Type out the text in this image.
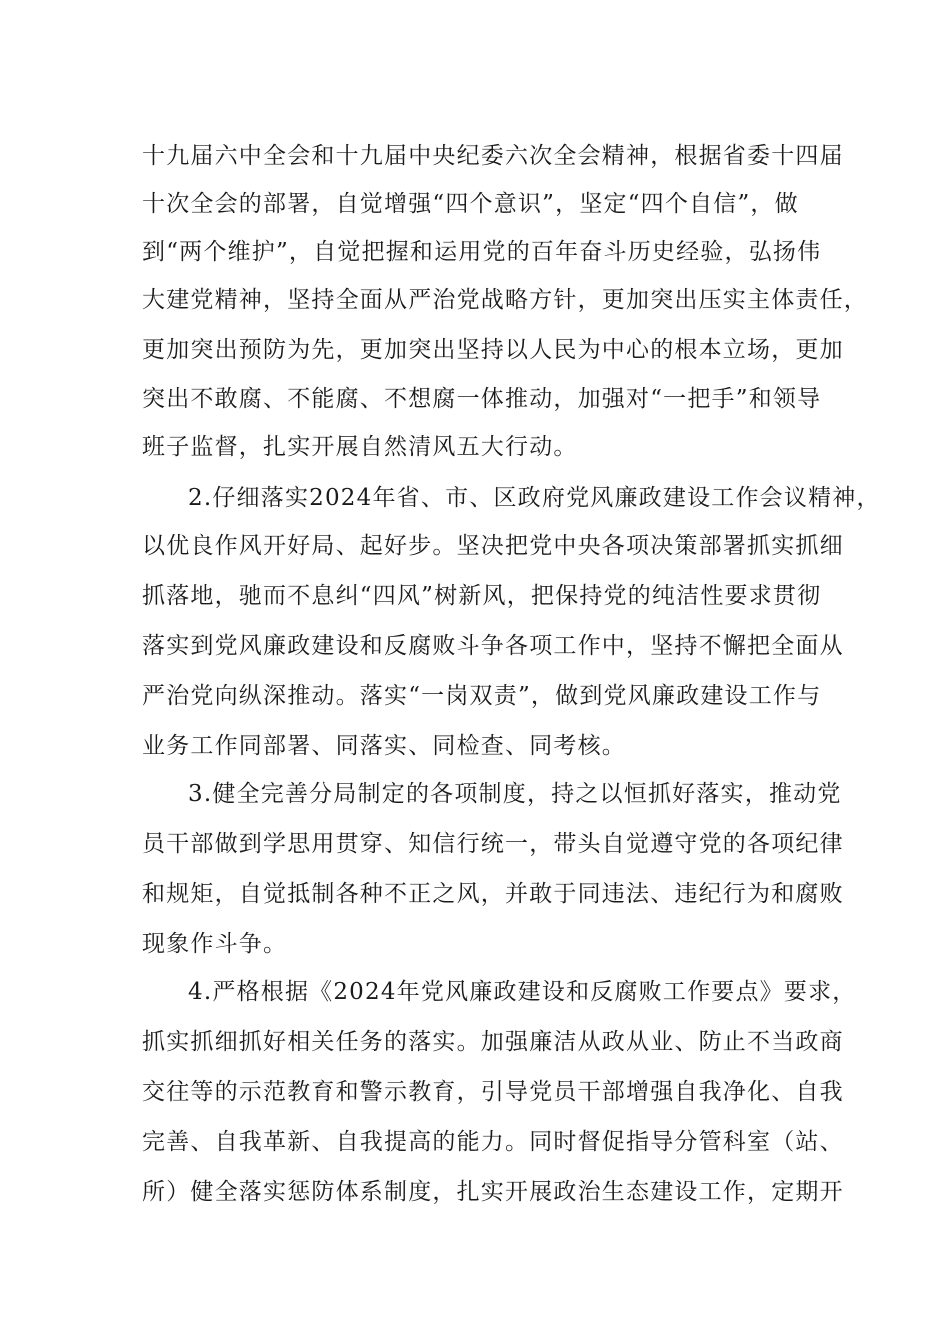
十九届六中全会和十九届中央纪委六次全会精神，根据省委十四届
十次全会的部署，自觉增强“四个意识”，坚定“四个自信”，做
到“两个维护”，自觉把握和运用党的百年奋斗历史经验，弘扬伟
大建党精神，坚持全面从严治党战略方针，更加突出压实主体责任，
更加突出预防为先，更加突出坚持以人民为中心的根本立场，更加
突出不敢腐、不能腐、不想腐一体推动，加强对“一把手”和领导
班子监督，扎实开展自然清风五大行动。
2.仔细落实2024年省、市、区政府党风廉政建设工作会议精神，
以优良作风开好局、起好步。坚决把党中央各项决策部署抓实抓细
抓落地，驰而不息纠“四风”树新风，把保持党的纯洁性要求贯彻
落实到党风廉政建设和反腐败斗争各项工作中，坚持不懈把全面从
严治党向纵深推动。落实“一岗双责”，做到党风廉政建设工作与
业务工作同部署、同落实、同检查、同考核。
3.健全完善分局制定的各项制度，持之以恒抓好落实，推动党
员干部做到学思用贯穿、知信行统一，带头自觉遵守党的各项纪律
和规矩，自觉抵制各种不正之风，并敢于同违法、违纪行为和腐败
现象作斗争。
4.严格根据《2024年党风廉政建设和反腐败工作要点》要求，
抓实抓细抓好相关任务的落实。加强廉洁从政从业、防止不当政商
交往等的示范教育和警示教育，引导党员干部增强自我净化、自我
完善、自我革新、自我提高的能力。同时督促指导分管科室（站、
所）健全落实惩防体系制度，扎实开展政治生态建设工作，定期开
